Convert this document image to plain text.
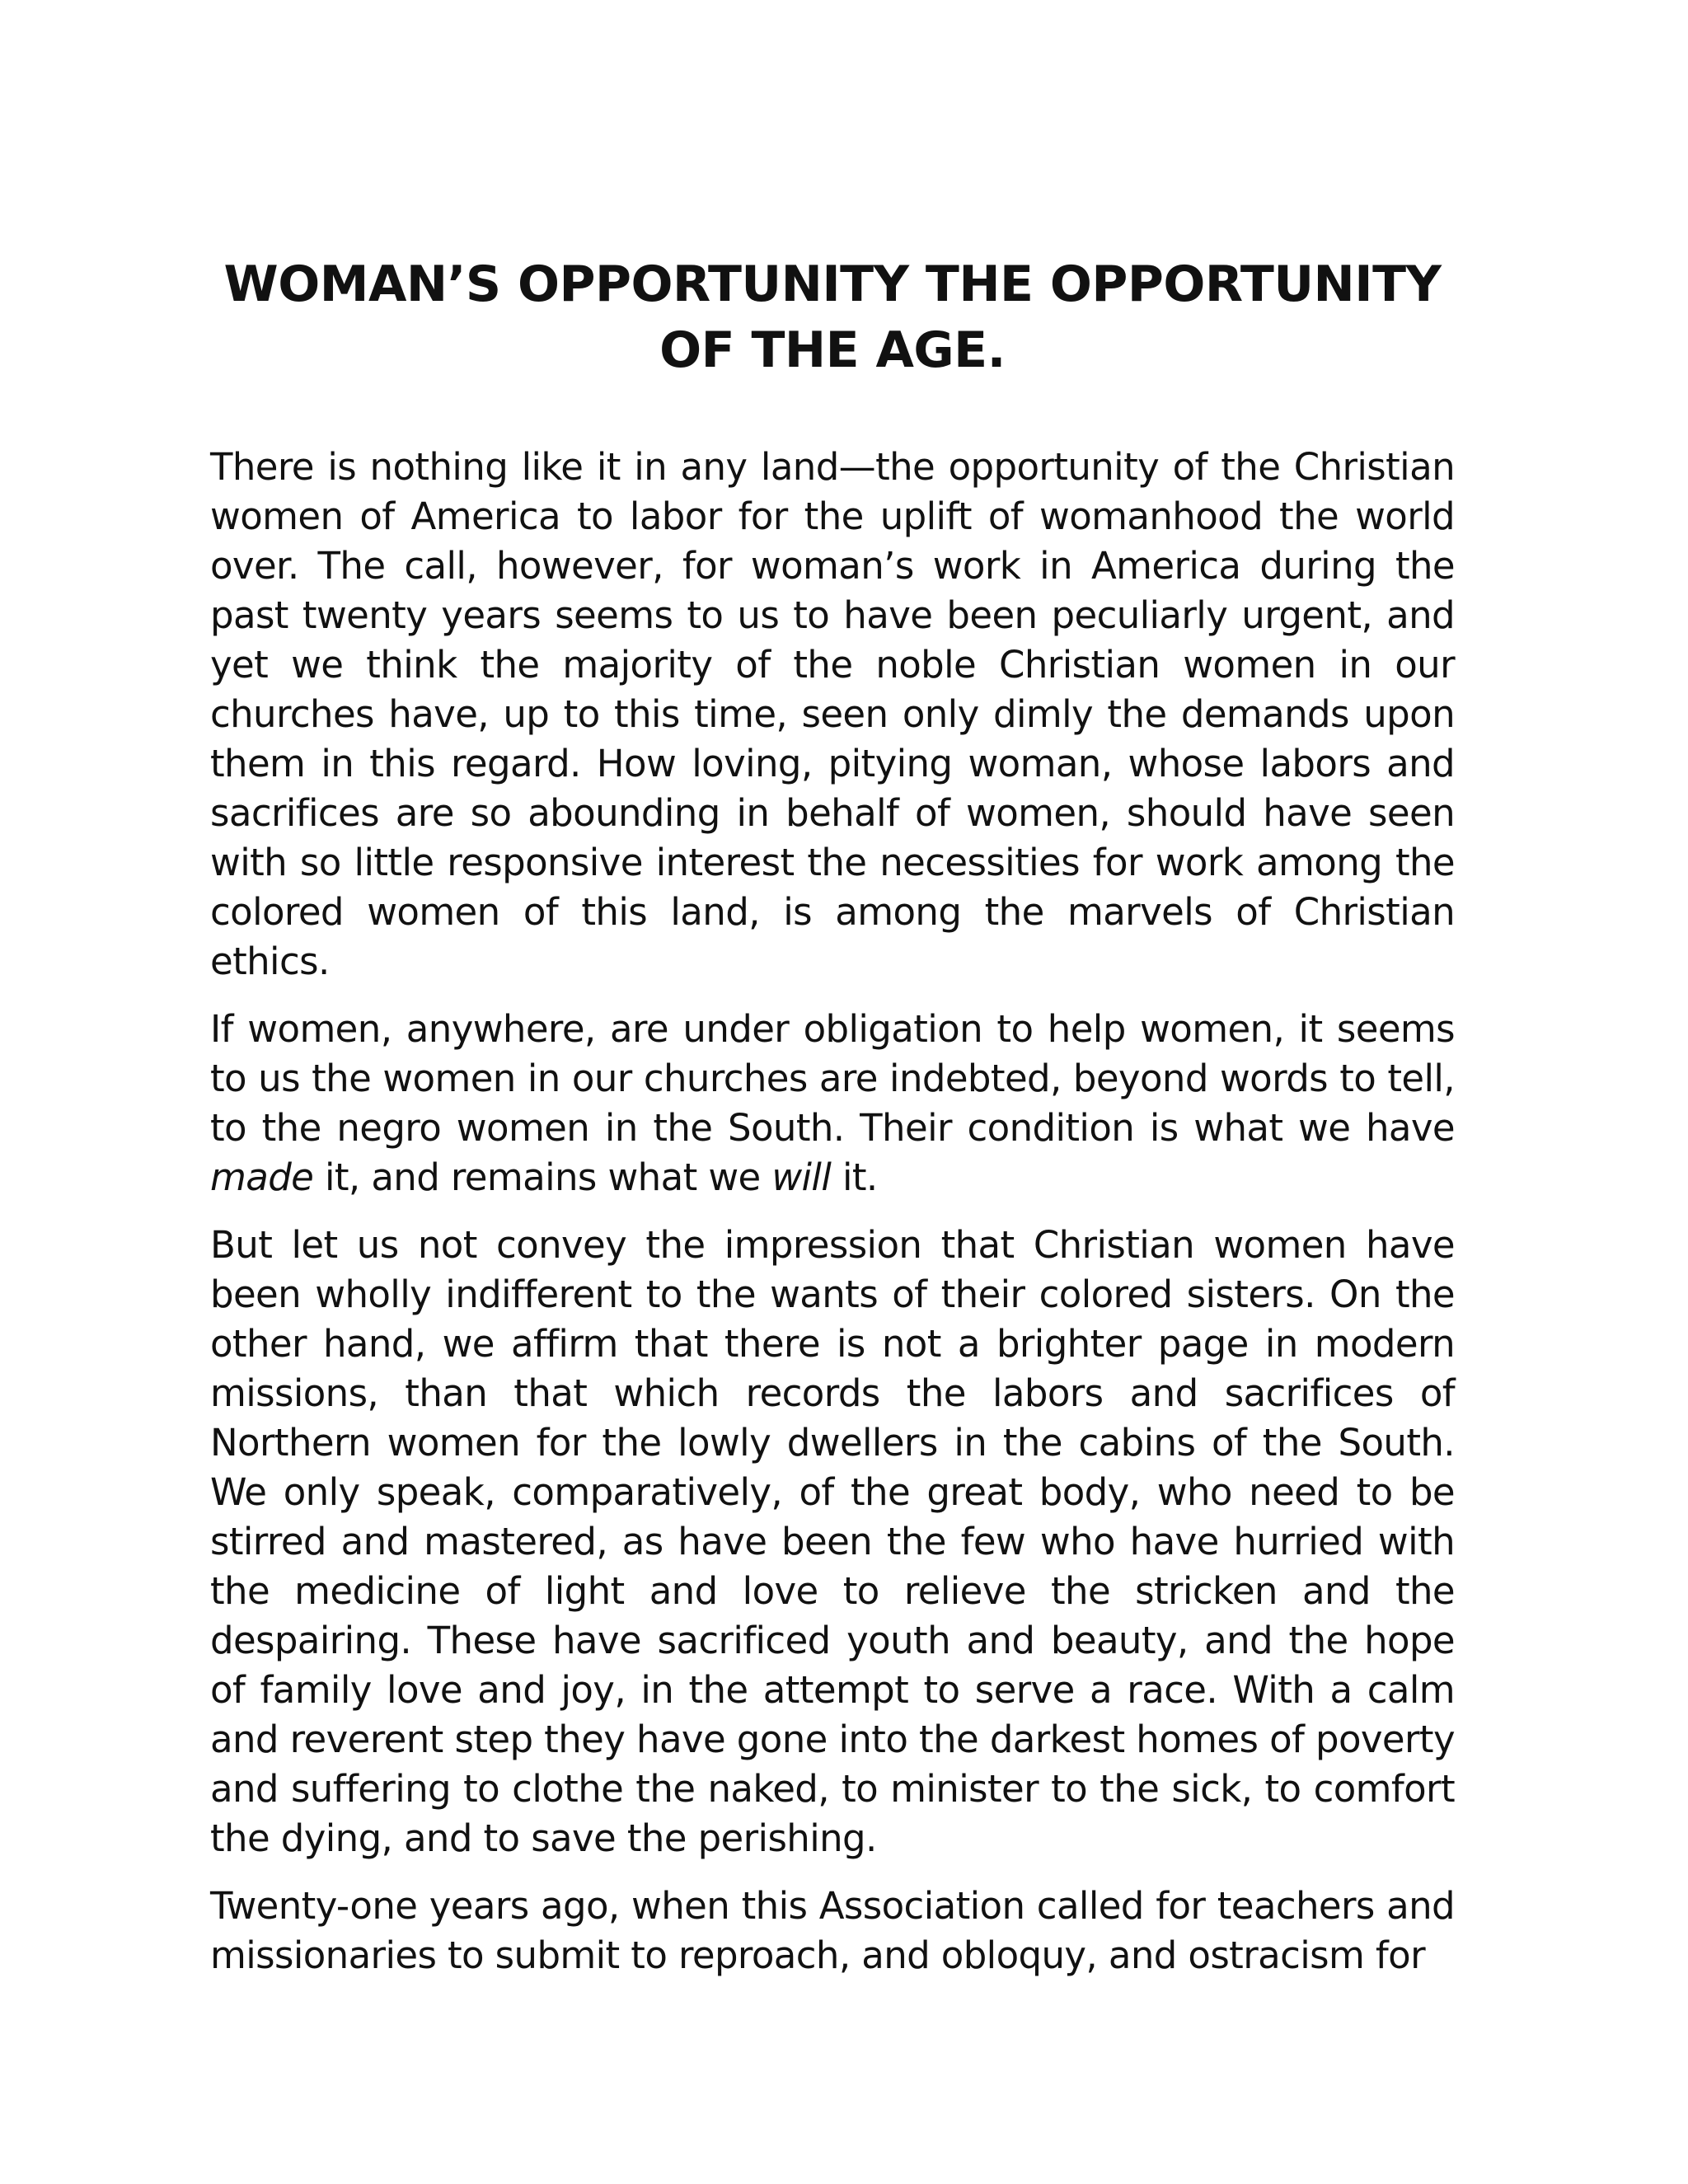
WOMAN’S OPPORTUNITY THE OPPORTUNITY OF THE AGE.

There is nothing like it in any land—the opportunity of the Christian women of America to labor for the uplift of womanhood the world over. The call, however, for woman’s work in America during the past twenty years seems to us to have been peculiarly urgent, and yet we think the majority of the noble Christian women in our churches have, up to this time, seen only dimly the demands upon them in this regard. How loving, pitying woman, whose labors and sacrifices are so abounding in behalf of women, should have seen with so little responsive interest the necessities for work among the colored women of this land, is among the marvels of Christian ethics.

If women, anywhere, are under obligation to help women, it seems to us the women in our churches are indebted, beyond words to tell, to the negro women in the South. Their condition is what we have made it, and remains what we will it.

But let us not convey the impression that Christian women have been wholly indifferent to the wants of their colored sisters. On the other hand, we affirm that there is not a brighter page in modern missions, than that which records the labors and sacrifices of Northern women for the lowly dwellers in the cabins of the South. We only speak, comparatively, of the great body, who need to be stirred and mastered, as have been the few who have hurried with the medicine of light and love to relieve the stricken and the despairing. These have sacrificed youth and beauty, and the hope of family love and joy, in the attempt to serve a race. With a calm and reverent step they have gone into the darkest homes of poverty and suffering to clothe the naked, to minister to the sick, to comfort the dying, and to save the perishing.

Twenty-one years ago, when this Association called for teachers and missionaries to submit to reproach, and obloquy, and ostracism for
